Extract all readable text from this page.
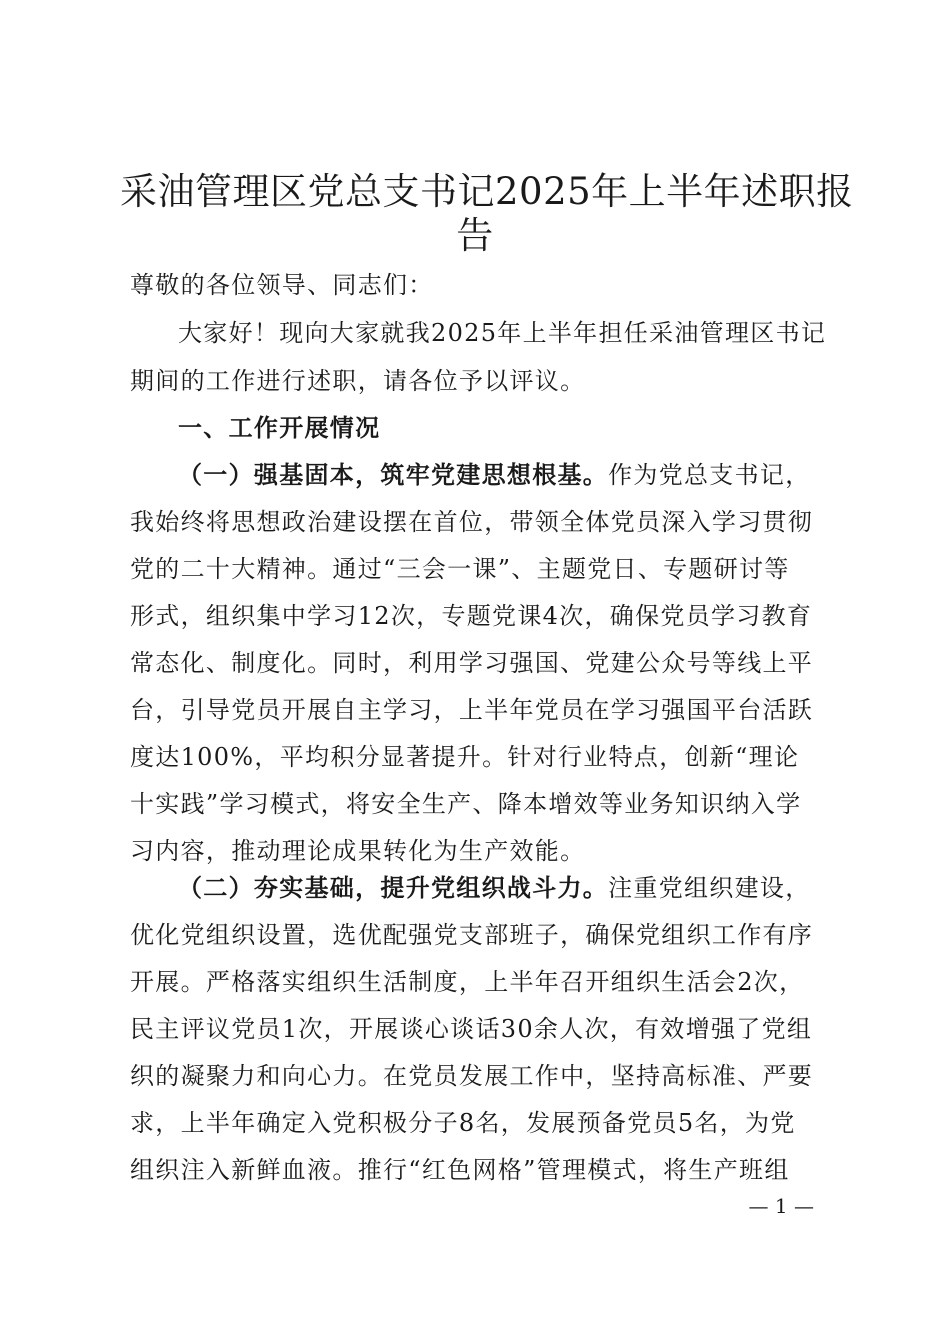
采油管理区党总支书记2025年上半年述职报
告
尊敬的各位领导、同志们：
大家好！现向大家就我2025年上半年担任采油管理区书记
期间的工作进行述职，请各位予以评议。
一、工作开展情况
（一）强基固本，筑牢党建思想根基。作为党总支书记，
我始终将思想政治建设摆在首位，带领全体党员深入学习贯彻
党的二十大精神。通过“三会一课”、主题党日、专题研讨等
形式，组织集中学习12次，专题党课4次，确保党员学习教育
常态化、制度化。同时，利用学习强国、党建公众号等线上平
台，引导党员开展自主学习，上半年党员在学习强国平台活跃
度达100%，平均积分显著提升。针对行业特点，创新“理论
十实践”学习模式，将安全生产、降本增效等业务知识纳入学
习内容，推动理论成果转化为生产效能。
（二）夯实基础，提升党组织战斗力。注重党组织建设，
优化党组织设置，选优配强党支部班子，确保党组织工作有序
开展。严格落实组织生活制度，上半年召开组织生活会2次，
民主评议党员1次，开展谈心谈话30余人次，有效增强了党组
织的凝聚力和向心力。在党员发展工作中，坚持高标准、严要
求，上半年确定入党积极分子8名，发展预备党员5名，为党
组织注入新鲜血液。推行“红色网格”管理模式，将生产班组
— 1 —
